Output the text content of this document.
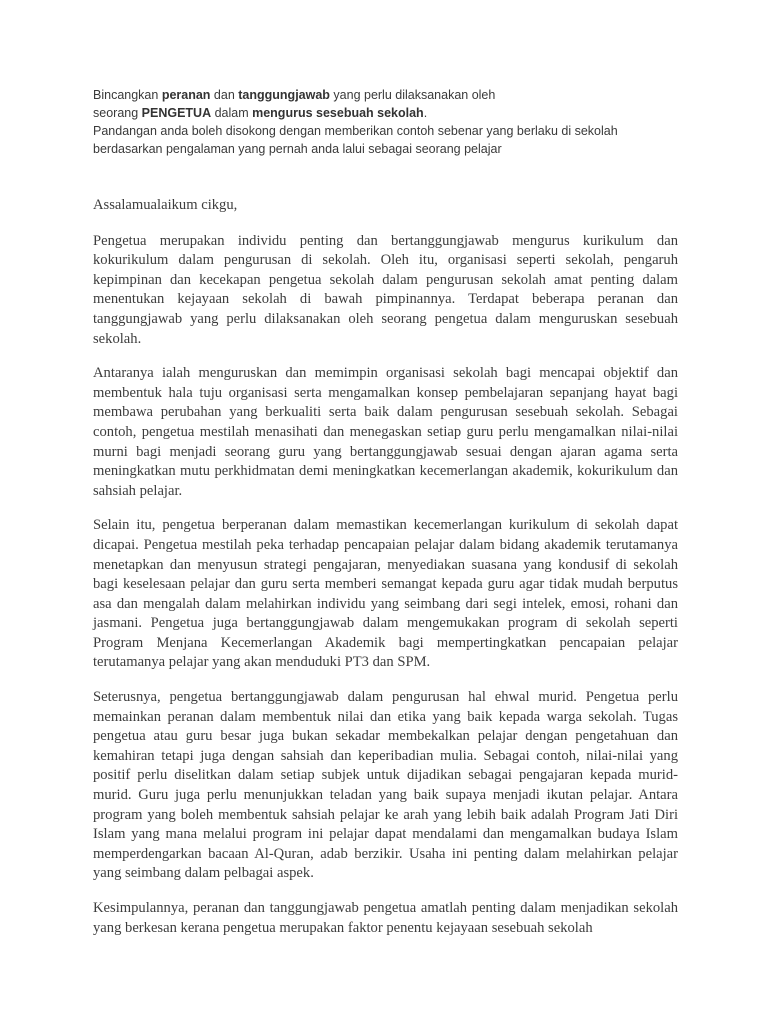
Bincangkan peranan dan tanggungjawab yang perlu dilaksanakan oleh

seorang PENGETUA dalam mengurus sesebuah sekolah.

Pandangan anda boleh disokong dengan memberikan contoh sebenar yang berlaku di sekolah

berdasarkan pengalaman yang pernah anda lalui sebagai seorang pelajar

Assalamualaikum cikgu,

Pengetua merupakan individu penting dan bertanggungjawab mengurus kurikulum dan kokurikulum dalam pengurusan di sekolah. Oleh itu, organisasi seperti sekolah, pengaruh kepimpinan dan kecekapan pengetua sekolah dalam pengurusan sekolah amat penting dalam menentukan kejayaan sekolah di bawah pimpinannya. Terdapat beberapa peranan dan tanggungjawab yang perlu dilaksanakan oleh seorang pengetua dalam menguruskan sesebuah sekolah.

Antaranya ialah menguruskan dan memimpin organisasi sekolah bagi mencapai objektif dan membentuk hala tuju organisasi serta mengamalkan konsep pembelajaran sepanjang hayat bagi membawa perubahan yang berkualiti serta baik dalam pengurusan sesebuah sekolah. Sebagai contoh, pengetua mestilah menasihati dan menegaskan setiap guru perlu mengamalkan nilai-nilai murni bagi menjadi seorang guru yang bertanggungjawab sesuai dengan ajaran agama serta meningkatkan mutu perkhidmatan demi meningkatkan kecemerlangan akademik, kokurikulum dan sahsiah pelajar.

Selain itu, pengetua berperanan dalam memastikan kecemerlangan kurikulum di sekolah dapat dicapai. Pengetua mestilah peka terhadap pencapaian pelajar dalam bidang akademik terutamanya menetapkan dan menyusun strategi pengajaran, menyediakan suasana yang kondusif di sekolah bagi keselesaan pelajar dan guru serta memberi semangat kepada guru agar tidak mudah berputus asa dan mengalah dalam melahirkan individu yang seimbang dari segi intelek, emosi, rohani dan jasmani. Pengetua juga bertanggungjawab dalam mengemukakan program di sekolah seperti Program Menjana Kecemerlangan Akademik bagi mempertingkatkan pencapaian pelajar terutamanya pelajar yang akan menduduki PT3 dan SPM.

Seterusnya, pengetua bertanggungjawab dalam pengurusan hal ehwal murid. Pengetua perlu memainkan peranan dalam membentuk nilai dan etika yang baik kepada warga sekolah. Tugas pengetua atau guru besar juga bukan sekadar membekalkan pelajar dengan pengetahuan dan kemahiran tetapi juga dengan sahsiah dan keperibadian mulia. Sebagai contoh, nilai-nilai yang positif perlu diselitkan dalam setiap subjek untuk dijadikan sebagai pengajaran kepada murid-murid. Guru juga perlu menunjukkan teladan yang baik supaya menjadi ikutan pelajar. Antara program yang boleh membentuk sahsiah pelajar ke arah yang lebih baik adalah Program Jati Diri Islam yang mana melalui program ini pelajar dapat mendalami dan mengamalkan budaya Islam memperdengarkan bacaan Al-Quran, adab berzikir. Usaha ini penting dalam melahirkan pelajar yang seimbang dalam pelbagai aspek.

Kesimpulannya, peranan dan tanggungjawab pengetua amatlah penting dalam menjadikan sekolah yang berkesan kerana pengetua merupakan faktor penentu kejayaan sesebuah sekolah
